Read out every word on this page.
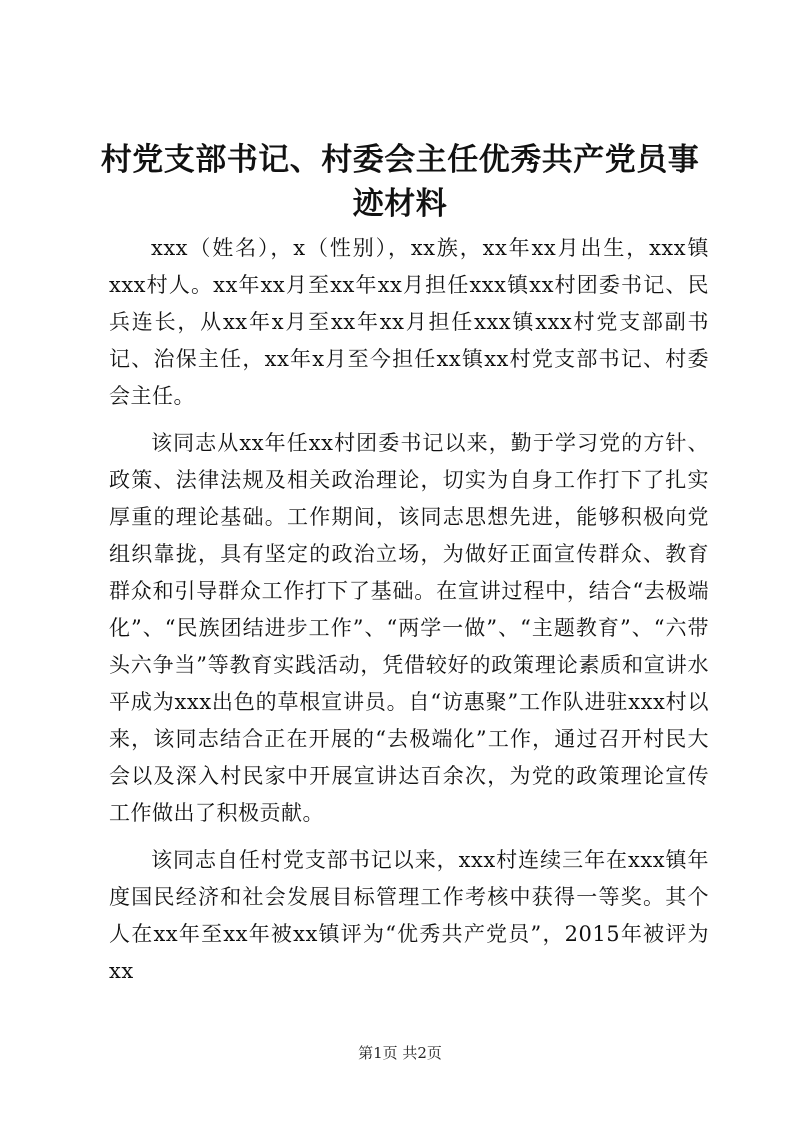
村党支部书记、村委会主任优秀共产党员事迹材料

xxx（姓名），x（性别），xx族，xx年xx月出生，xxx镇xxx村人。xx年xx月至xx年xx月担任xxx镇xx村团委书记、民兵连长，从xx年x月至xx年xx月担任xxx镇xxx村党支部副书记、治保主任，xx年x月至今担任xx镇xx村党支部书记、村委会主任。

该同志从xx年任xx村团委书记以来，勤于学习党的方针、政策、法律法规及相关政治理论，切实为自身工作打下了扎实厚重的理论基础。工作期间，该同志思想先进，能够积极向党组织靠拢，具有坚定的政治立场，为做好正面宣传群众、教育群众和引导群众工作打下了基础。在宣讲过程中，结合“去极端化”、“民族团结进步工作”、“两学一做”、“主题教育”、“六带头六争当”等教育实践活动，凭借较好的政策理论素质和宣讲水平成为xxx出色的草根宣讲员。自“访惠聚”工作队进驻xxx村以来，该同志结合正在开展的“去极端化”工作，通过召开村民大会以及深入村民家中开展宣讲达百余次，为党的政策理论宣传工作做出了积极贡献。

该同志自任村党支部书记以来，xxx村连续三年在xxx镇年度国民经济和社会发展目标管理工作考核中获得一等奖。其个人在xx年至xx年被xx镇评为“优秀共产党员”，2015年被评为xx

第1页 共2页
